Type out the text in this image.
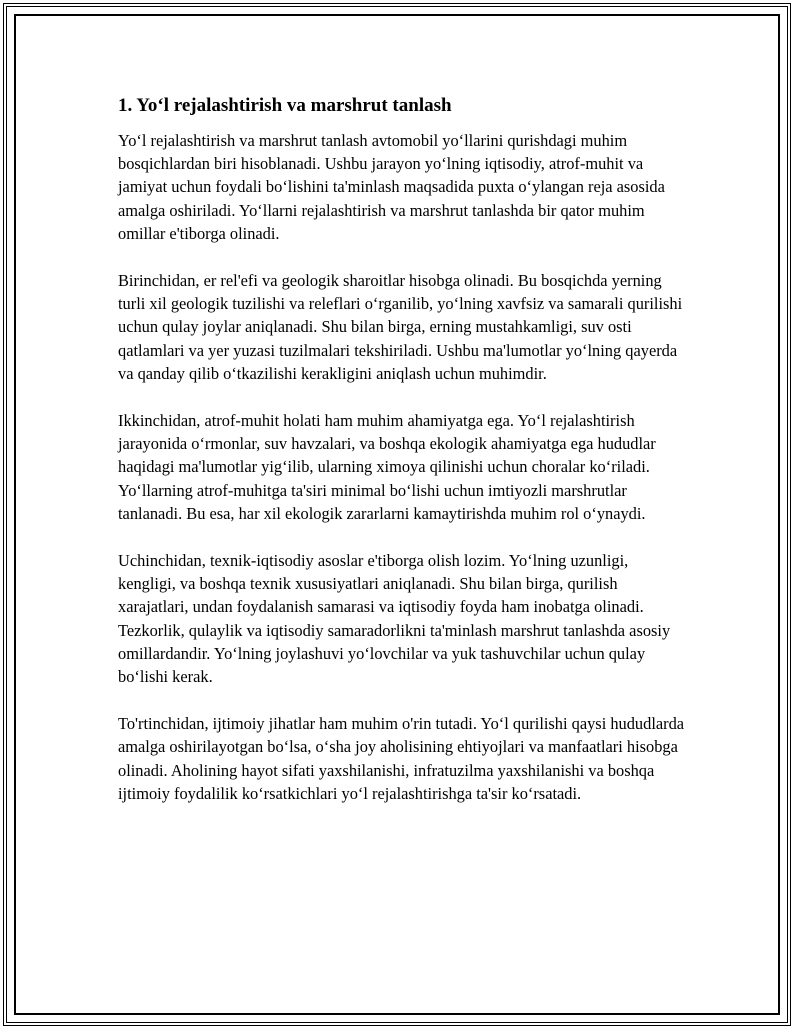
1. Yo‘l rejalashtirish va marshrut tanlash

Yo‘l rejalashtirish va marshrut tanlash avtomobil yo‘llarini qurishdagi muhim bosqichlardan biri hisoblanadi. Ushbu jarayon yo‘lning iqtisodiy, atrof-muhit va jamiyat uchun foydali bo‘lishini ta'minlash maqsadida puxta o‘ylangan reja asosida amalga oshiriladi. Yo‘llarni rejalashtirish va marshrut tanlashda bir qator muhim omillar e'tiborga olinadi.

Birinchidan, er rel'efi va geologik sharoitlar hisobga olinadi. Bu bosqichda yerning turli xil geologik tuzilishi va releflari o‘rganilib, yo‘lning xavfsiz va samarali qurilishi uchun qulay joylar aniqlanadi. Shu bilan birga, erning mustahkamligi, suv osti qatlamlari va yer yuzasi tuzilmalari tekshiriladi. Ushbu ma'lumotlar yo‘lning qayerda va qanday qilib o‘tkazilishi kerakligini aniqlash uchun muhimdir.

Ikkinchidan, atrof-muhit holati ham muhim ahamiyatga ega. Yo‘l rejalashtirish jarayonida o‘rmonlar, suv havzalari, va boshqa ekologik ahamiyatga ega hududlar haqidagi ma'lumotlar yig‘ilib, ularning ximoya qilinishi uchun choralar ko‘riladi. Yo‘llarning atrof-muhitga ta'siri minimal bo‘lishi uchun imtiyozli marshrutlar tanlanadi. Bu esa, har xil ekologik zararlarni kamaytirishda muhim rol o‘ynaydi.

Uchinchidan, texnik-iqtisodiy asoslar e'tiborga olish lozim. Yo‘lning uzunligi, kengligi, va boshqa texnik xususiyatlari aniqlanadi. Shu bilan birga, qurilish xarajatlari, undan foydalanish samarasi va iqtisodiy foyda ham inobatga olinadi. Tezkorlik, qulaylik va iqtisodiy samaradorlikni ta'minlash marshrut tanlashda asosiy omillardandir. Yo‘lning joylashuvi yo‘lovchilar va yuk tashuvchilar uchun qulay bo‘lishi kerak.

To'rtinchidan, ijtimoiy jihatlar ham muhim o'rin tutadi. Yo‘l qurilishi qaysi hududlarda amalga oshirilayotgan bo‘lsa, o‘sha joy aholisining ehtiyojlari va manfaatlari hisobga olinadi. Aholining hayot sifati yaxshilanishi, infratuzilma yaxshilanishi va boshqa ijtimoiy foydalilik ko‘rsatkichlari yo‘l rejalashtirishga ta'sir ko‘rsatadi.
